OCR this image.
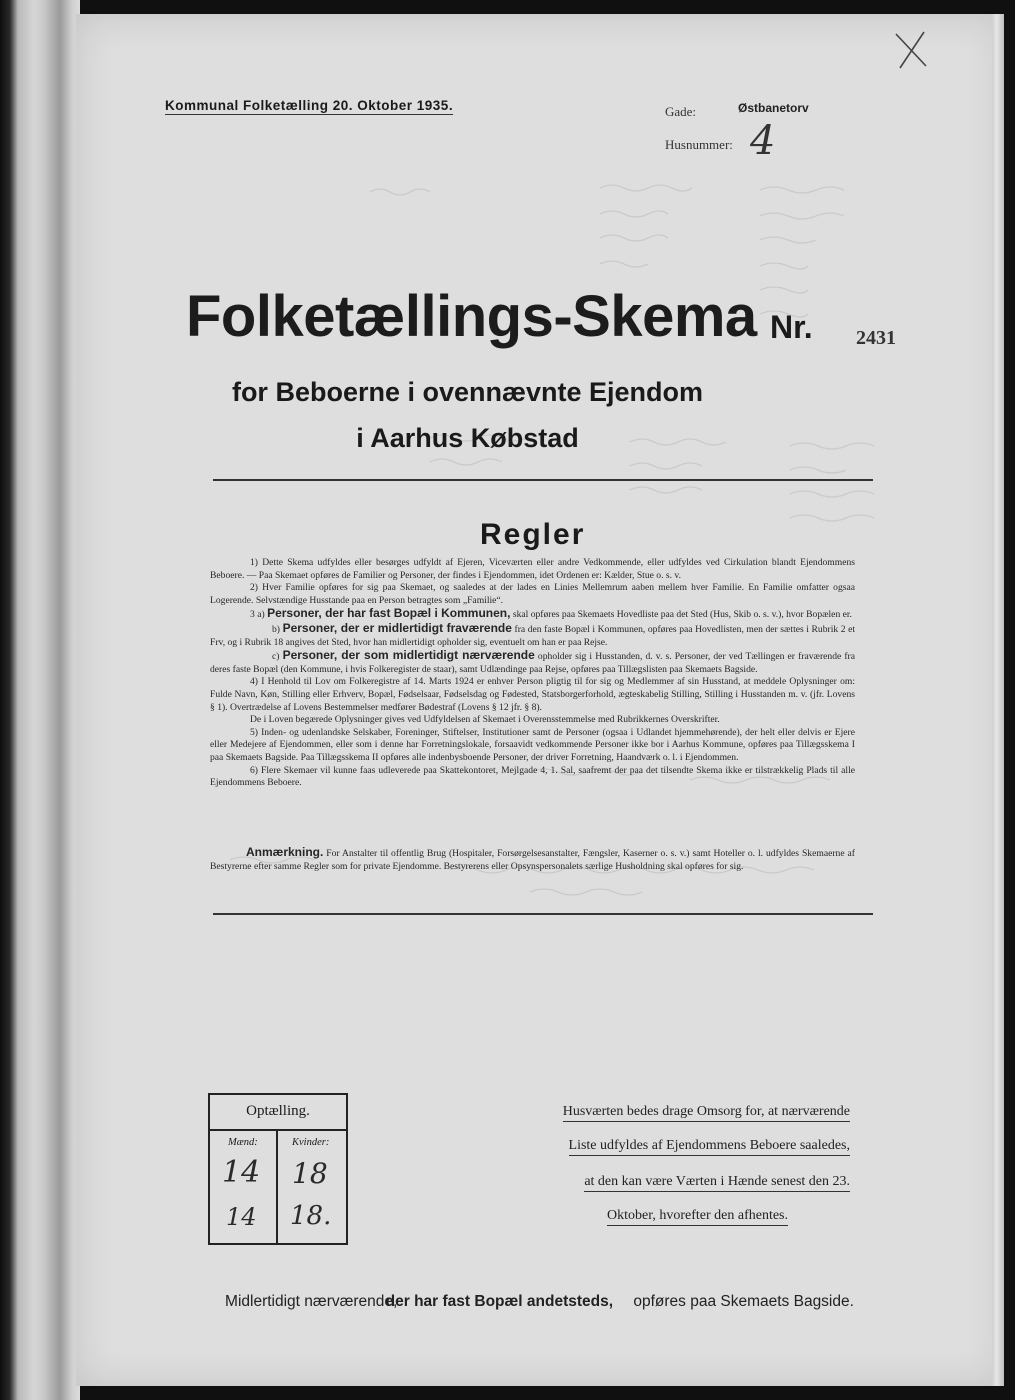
Kommunal Folketælling 20. Oktober 1935.	Gade:	Østbanetorv
Husnummer: 4
Folketællings-Skema Nr. 2431
for Beboerne i ovennævnte Ejendom
i Aarhus Købstad
Regler

1) Dette Skema udfyldes eller besørges udfyldt af Ejeren, Viceværten eller andre Vedkommende, eller udfyldes ved Cirkulation blandt Ejendommens Beboere. — Paa Skemaet opføres de Familier og Personer, der findes i Ejendommen, idet Ordenen er: Kælder, Stue o. s. v.

2) Hver Familie opføres for sig paa Skemaet, og saaledes at der lades en Linies Mellemrum aaben mellem hver Familie. En Familie omfatter ogsaa Logerende. Selvstændige Husstande paa en Person betragtes som „Familie“.

3 a) Personer, der har fast Bopæl i Kommunen, skal opføres paa Skemaets Hovedliste paa det Sted (Hus, Skib o. s. v.), hvor Bopælen er.

b) Personer, der er midlertidigt fraværende fra den faste Bopæl i Kommunen, opføres paa Hovedlisten, men der sættes i Rubrik 2 et Frv, og i Rubrik 18 angives det Sted, hvor han midlertidigt opholder sig, eventuelt om han er paa Rejse.

c) Personer, der som midlertidigt nærværende opholder sig i Husstanden, d. v. s. Personer, der ved Tællingen er fraværende fra deres faste Bopæl (den Kommune, i hvis Folkeregister de staar), samt Udlændinge paa Rejse, opføres paa Tillægslisten paa Skemaets Bagside.

4) I Henhold til Lov om Folkeregistre af 14. Marts 1924 er enhver Person pligtig til for sig og Medlemmer af sin Husstand, at meddele Oplysninger om: Fulde Navn, Køn, Stilling eller Erhverv, Bopæl, Fødselsaar, Fødselsdag og Fødested, Statsborgerforhold, ægteskabelig Stilling, Stilling i Husstanden m. v. (jfr. Lovens § 1). Overtrædelse af Lovens Bestemmelser medfører Bødestraf (Lovens § 12 jfr. § 8).

De i Loven begærede Oplysninger gives ved Udfyldelsen af Skemaet i Overensstemmelse med Rubrikkernes Overskrifter.

5) Inden- og udenlandske Selskaber, Foreninger, Stiftelser, Institutioner samt de Personer (ogsaa i Udlandet hjemmehørende), der helt eller delvis er Ejere eller Medejere af Ejendommen, eller som i denne har Forretningslokale, forsaavidt vedkommende Personer ikke bor i Aarhus Kommune, opføres paa Tillægsskema I paa Skemaets Bagside. Paa Tillægsskema II opføres alle indenbysboende Personer, der driver Forretning, Haandværk o. l. i Ejendommen.

6) Flere Skemaer vil kunne faas udleverede paa Skattekontoret, Mejlgade 4, 1. Sal, saafremt der paa det tilsendte Skema ikke er tilstrækkelig Plads til alle Ejendommens Beboere.

Anmærkning. For Anstalter til offentlig Brug (Hospitaler, Forsørgelsesanstalter, Fængsler, Kaserner o. s. v.) samt Hoteller o. l. udfyldes Skemaerne af Bestyrerne efter samme Regler som for private Ejendomme. Bestyrerens eller Opsynspersonalets særlige Husholdning skal opføres for sig.

Optælling.
Mænd:	Kvinder:
14 18
14 18.
Husværten bedes drage Omsorg for, at nærværende
Liste udfyldes af Ejendommens Beboere saaledes,
at den kan være Værten i Hænde senest den 23.
Oktober, hvorefter den afhentes.
Midlertidigt nærværende, der har fast Bopæl andetsteds, opføres paa Skemaets Bagside.
